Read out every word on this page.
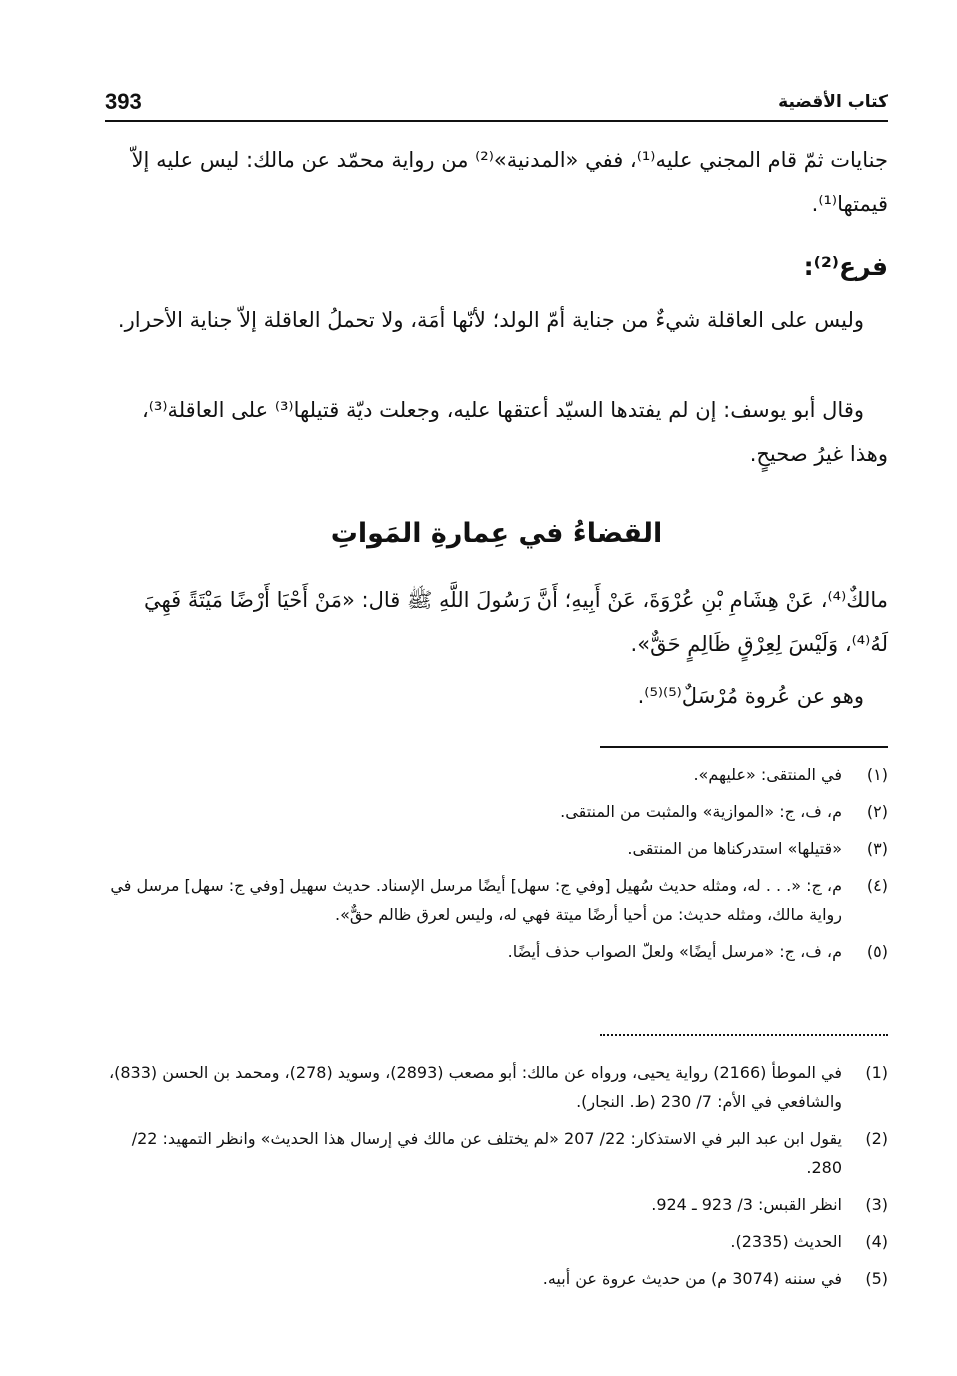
393	كتاب الأقضية

جنايات ثمّ قام المجني عليه⁽¹⁾، ففي «المدنية»⁽²⁾ من رواية محمّد عن مالك: ليس عليه إلاّ قيمتها⁽¹⁾.

فرع⁽²⁾:

وليس على العاقلة شيءٌ من جناية أمّ الولد؛ لأنّها أمَة، ولا تحملُ العاقلة إلاّ جناية الأحرار.

وقال أبو يوسف: إن لم يفتدها السيّد أعتقها عليه، وجعلت ديّة قتيلها⁽³⁾ على العاقلة⁽³⁾، وهذا غيرُ صحيحٍ.

القضاءُ في عِمارةِ المَواتِ

مالكٌ⁽⁴⁾، عَنْ هِشَامِ بْنِ عُرْوَةَ، عَنْ أَبِيهِ؛ أَنَّ رَسُولَ اللَّهِ ﷺ قال: «مَنْ أَحْيَا أَرْضًا مَيْتَةً فَهِيَ لَهُ⁽⁴⁾، وَلَيْسَ لِعِرْقٍ ظَالِمٍ حَقٌّ».

وهو عن عُروة مُرْسَلٌ⁽⁵⁾⁽⁵⁾.

(١)
في المنتقى: «عليهم».
(٢)
م، ف، ج: «الموازية» والمثبت من المنتقى.
(٣)
«قتيلها» استدركناها من المنتقى.
(٤)
م، ج: «. . . له، ومثله حديث سُهيل [وفي ج: سهل] أيضًا مرسل الإسناد. حديث سهيل [وفي ج: سهل] مرسل في رواية مالك، ومثله حديث: من أحيا أرضًا ميتة فهي له، وليس لعرق ظالم حقٌّ».
(٥)
م، ف، ج: «مرسل أيضًا» ولعلّ الصواب حذف أيضًا.
(1)
في الموطأ (2166) رواية يحيى، ورواه عن مالك: أبو مصعب (2893)، وسويد (278)، ومحمد بن الحسن (833)، والشافعي في الأم: 7/ 230 (ط. النجار).
(2)
يقول ابن عبد البر في الاستذكار: 22/ 207 «لم يختلف عن مالك في إرسال هذا الحديث» وانظر التمهيد: 22/ 280.
(3)
انظر القبس: 3/ 923 ـ 924.
(4)
الحديث (2335).
(5)
في سننه (3074 م) من حديث عروة عن أبيه.
